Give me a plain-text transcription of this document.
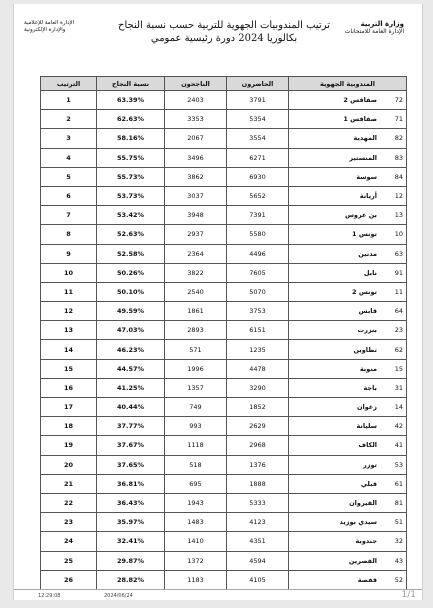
وزارة التربية
الإدارة العامة للامتحانات
ترتيب المندوبيات الجهوية للتربية حسب نسبة النجاح
بكالوريا 2024 دورة رئيسية عمومي
الإدارة العامة للإعلامية
والإدارة الإلكترونية
المندوبية الجهوية	الحاضرون	الناجحون	نسبة النجاح	الترتيب
72صفاقس 2	3791	2403	63.39%	1
71صفاقس 1	5354	3353	62.63%	2
82المهدية	3554	2067	58.16%	3
83المنستير	6271	3496	55.75%	4
84سوسة	6930	3862	55.73%	5
12أريانة	5652	3037	53.73%	6
13بن عروس	7391	3948	53.42%	7
10تونس 1	5580	2937	52.63%	8
63مدنين	4496	2364	52.58%	9
91نابل	7605	3822	50.26%	10
11تونس 2	5070	2540	50.10%	11
64قابس	3753	1861	49.59%	12
23بنزرت	6151	2893	47.03%	13
62تطاوين	1235	571	46.23%	14
15منوبة	4478	1996	44.57%	15
31باجة	3290	1357	41.25%	16
14زغوان	1852	749	40.44%	17
42سليانة	2629	993	37.77%	18
41الكاف	2968	1118	37.67%	19
53توزر	1376	518	37.65%	20
61قبلي	1888	695	36.81%	21
81القيروان	5333	1943	36.43%	22
51سيدي بوزيد	4123	1483	35.97%	23
32جندوبة	4351	1410	32.41%	24
43القصرين	4594	1372	29.87%	25
52قفصة	4105	1183	28.82%	26
12:29:08	2024/06/24	1/1
